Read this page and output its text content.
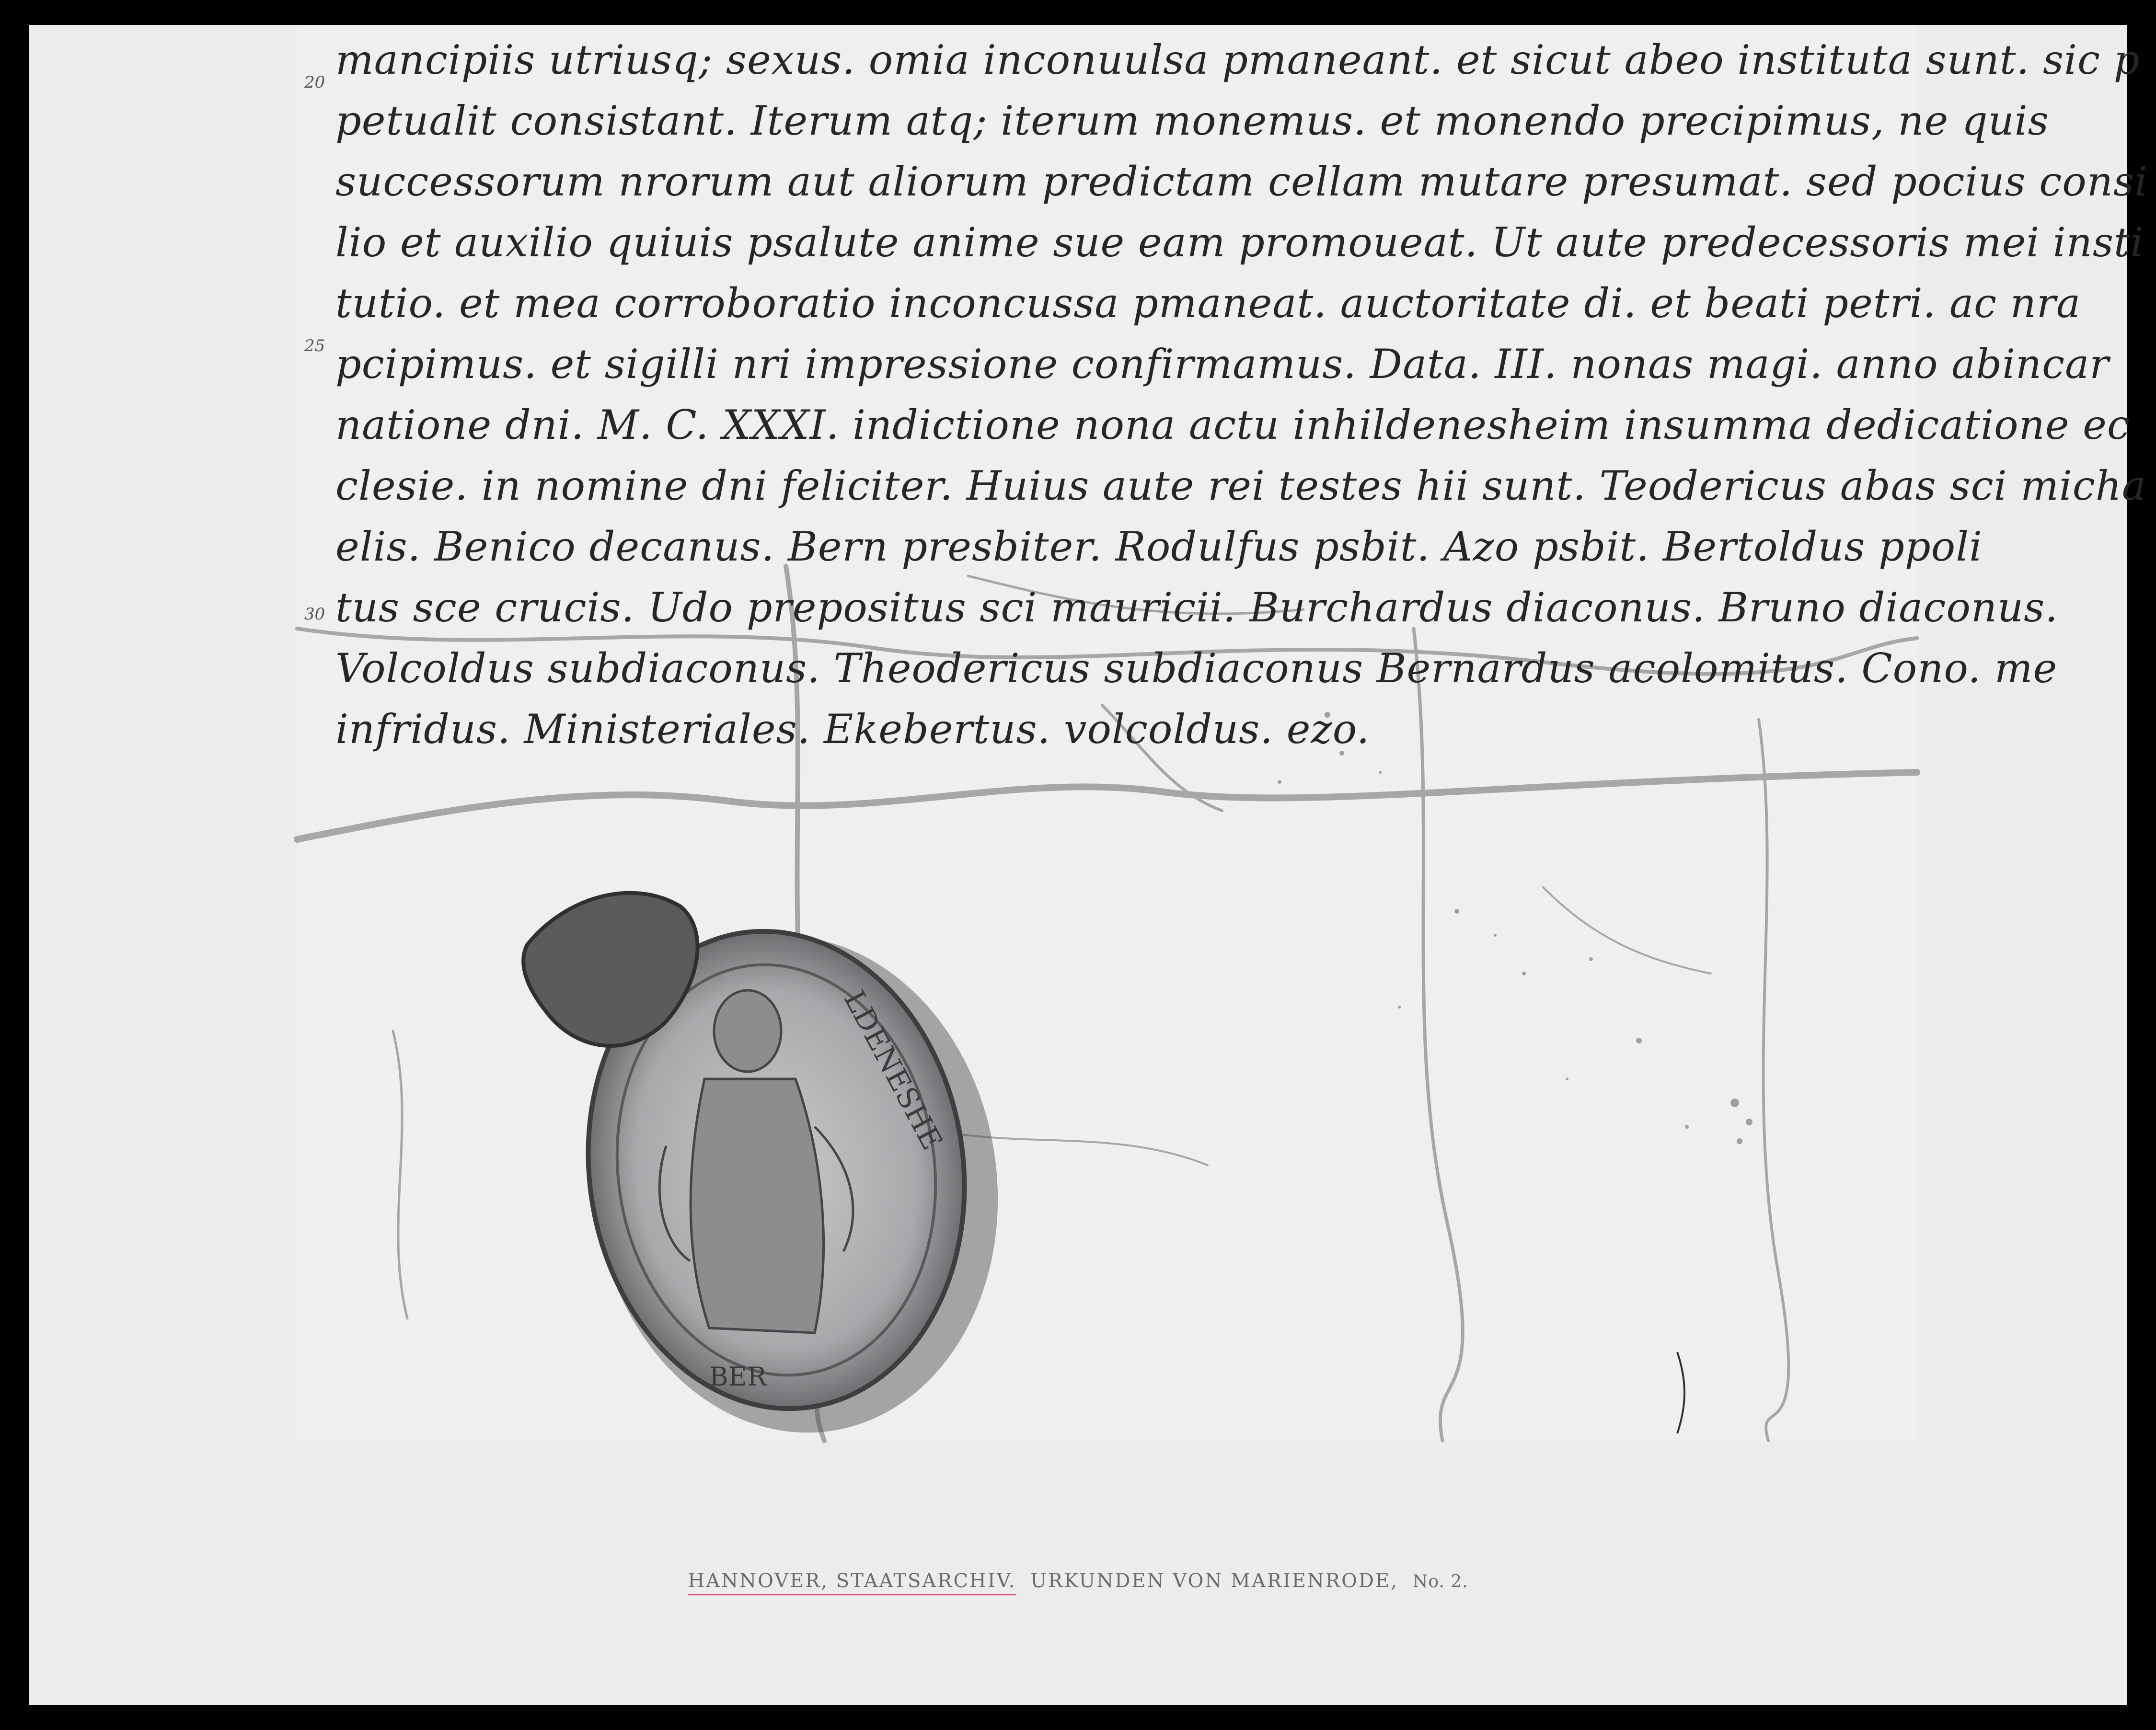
20
25
30
mancipiis utriusq; sexus. omia inconuulsa pmaneant. et sicut abeo instituta sunt. sic p
petualit consistant. Iterum atq; iterum monemus. et monendo precipimus, ne quis
successorum nrorum aut aliorum predictam cellam mutare presumat. sed pocius consi
lio et auxilio quiuis psalute anime sue eam promoueat. Ut aute predecessoris mei insti
tutio. et mea corroboratio inconcussa pmaneat. auctoritate di. et beati petri. ac nra
pcipimus. et sigilli nri impressione confirmamus. Data. III. nonas magi. anno abincar
natione dni. M. C. XXXI. indictione nona actu inhildenesheim insumma dedicatione ec
clesie. in nomine dni feliciter. Huius aute rei testes hii sunt. Teodericus abas sci micha
elis. Benico decanus. Bern presbiter. Rodulfus psbit. Azo psbit. Bertoldus ppoli
tus sce crucis. Udo prepositus sci mauricii. Burchardus diaconus. Bruno diaconus.
Volcoldus subdiaconus. Theodericus subdiaconus Bernardus acolomitus. Cono. me
infridus. Ministeriales. Ekebertus. volcoldus. ezo.
LDENESHE
BER
HANNOVER, STAATSARCHIV. URKUNDEN VON MARIENRODE, No. 2.
